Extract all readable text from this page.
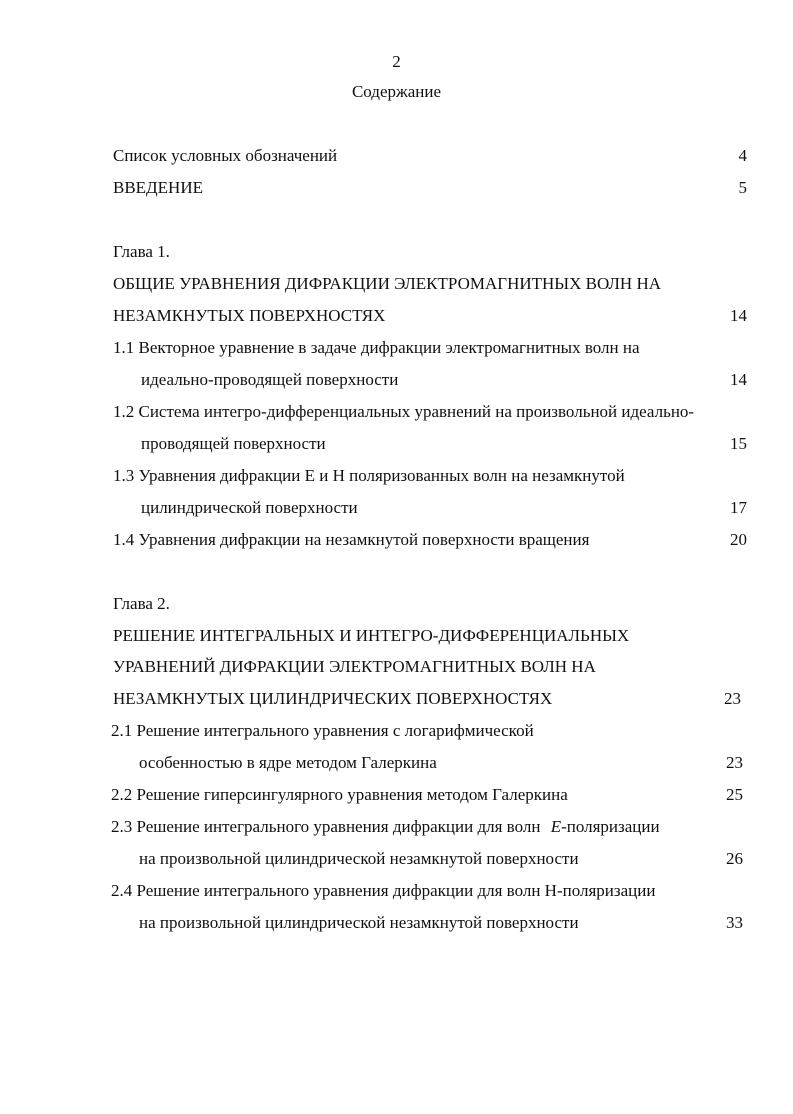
2
Содержание
Список условных обозначений	4
ВВЕДЕНИЕ	5
Глава 1.
ОБЩИЕ УРАВНЕНИЯ ДИФРАКЦИИ ЭЛЕКТРОМАГНИТНЫХ ВОЛН НА
НЕЗАМКНУТЫХ ПОВЕРХНОСТЯХ	14
1.1 Векторное уравнение в задаче дифракции электромагнитных волн на
идеально-проводящей поверхности	14
1.2 Система интегро-дифференциальных уравнений на произвольной идеально-
проводящей поверхности	15
1.3 Уравнения дифракции Е и Н поляризованных волн на незамкнутой
цилиндрической поверхности	17
1.4 Уравнения дифракции на незамкнутой поверхности вращения	20
Глава 2.
РЕШЕНИЕ ИНТЕГРАЛЬНЫХ И ИНТЕГРО-ДИФФЕРЕНЦИАЛЬНЫХ
УРАВНЕНИЙ ДИФРАКЦИИ ЭЛЕКТРОМАГНИТНЫХ ВОЛН НА
НЕЗАМКНУТЫХ ЦИЛИНДРИЧЕСКИХ ПОВЕРХНОСТЯХ	23
2.1 Решение интегрального уравнения с логарифмической
особенностью в ядре методом Галеркина	23
2.2 Решение гиперсингулярного уравнения методом Галеркина	25
2.3 Решение интегрального уравнения дифракции для волн E-поляризации
на произвольной цилиндрической незамкнутой поверхности	26
2.4 Решение интегрального уравнения дифракции для волн Н-поляризации
на произвольной цилиндрической незамкнутой поверхности	33
